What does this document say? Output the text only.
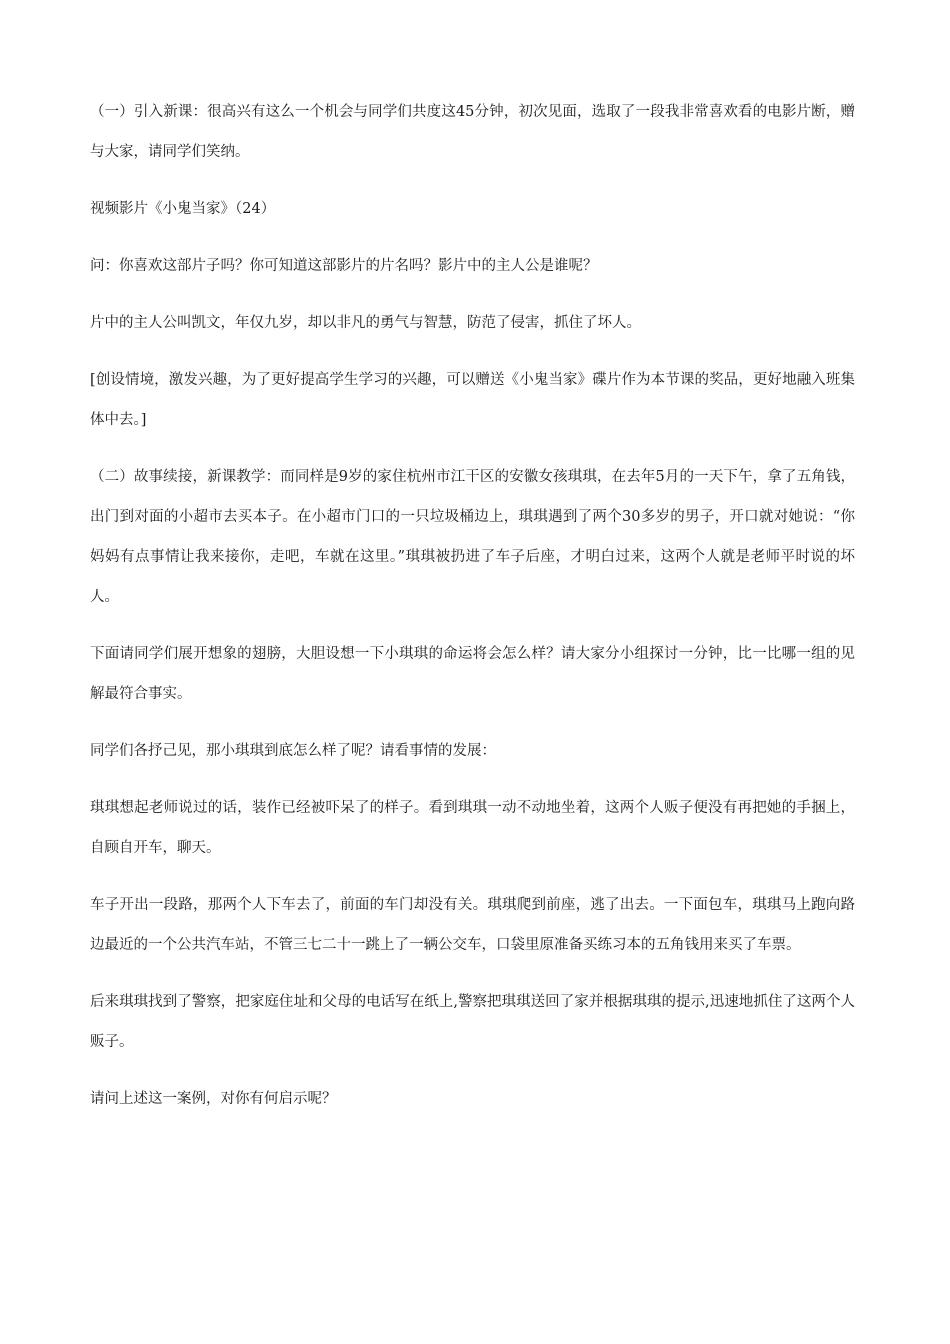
（一）引入新课：很高兴有这么一个机会与同学们共度这45分钟，初次见面，选取了一段我非常喜欢看的电影片断，赠与大家，请同学们笑纳。

视频影片《小鬼当家》（24）

问：你喜欢这部片子吗？你可知道这部影片的片名吗？影片中的主人公是谁呢？

片中的主人公叫凯文，年仅九岁，却以非凡的勇气与智慧，防范了侵害，抓住了坏人。

[创设情境，激发兴趣，为了更好提高学生学习的兴趣，可以赠送《小鬼当家》碟片作为本节课的奖品，更好地融入班集体中去。]

（二）故事续接，新课教学：而同样是9岁的家住杭州市江干区的安徽女孩琪琪，在去年5月的一天下午，拿了五角钱，出门到对面的小超市去买本子。在小超市门口的一只垃圾桶边上，琪琪遇到了两个30多岁的男子，开口就对她说：“你妈妈有点事情让我来接你，走吧，车就在这里。”琪琪被扔进了车子后座，才明白过来，这两个人就是老师平时说的坏人。

下面请同学们展开想象的翅膀，大胆设想一下小琪琪的命运将会怎么样？请大家分小组探讨一分钟，比一比哪一组的见解最符合事实。

同学们各抒己见，那小琪琪到底怎么样了呢？请看事情的发展：

琪琪想起老师说过的话，装作已经被吓呆了的样子。看到琪琪一动不动地坐着，这两个人贩子便没有再把她的手捆上，自顾自开车，聊天。

车子开出一段路，那两个人下车去了，前面的车门却没有关。琪琪爬到前座，逃了出去。一下面包车，琪琪马上跑向路边最近的一个公共汽车站，不管三七二十一跳上了一辆公交车，口袋里原准备买练习本的五角钱用来买了车票。

后来琪琪找到了警察，把家庭住址和父母的电话写在纸上,警察把琪琪送回了家并根据琪琪的提示,迅速地抓住了这两个人贩子。

请问上述这一案例，对你有何启示呢？
